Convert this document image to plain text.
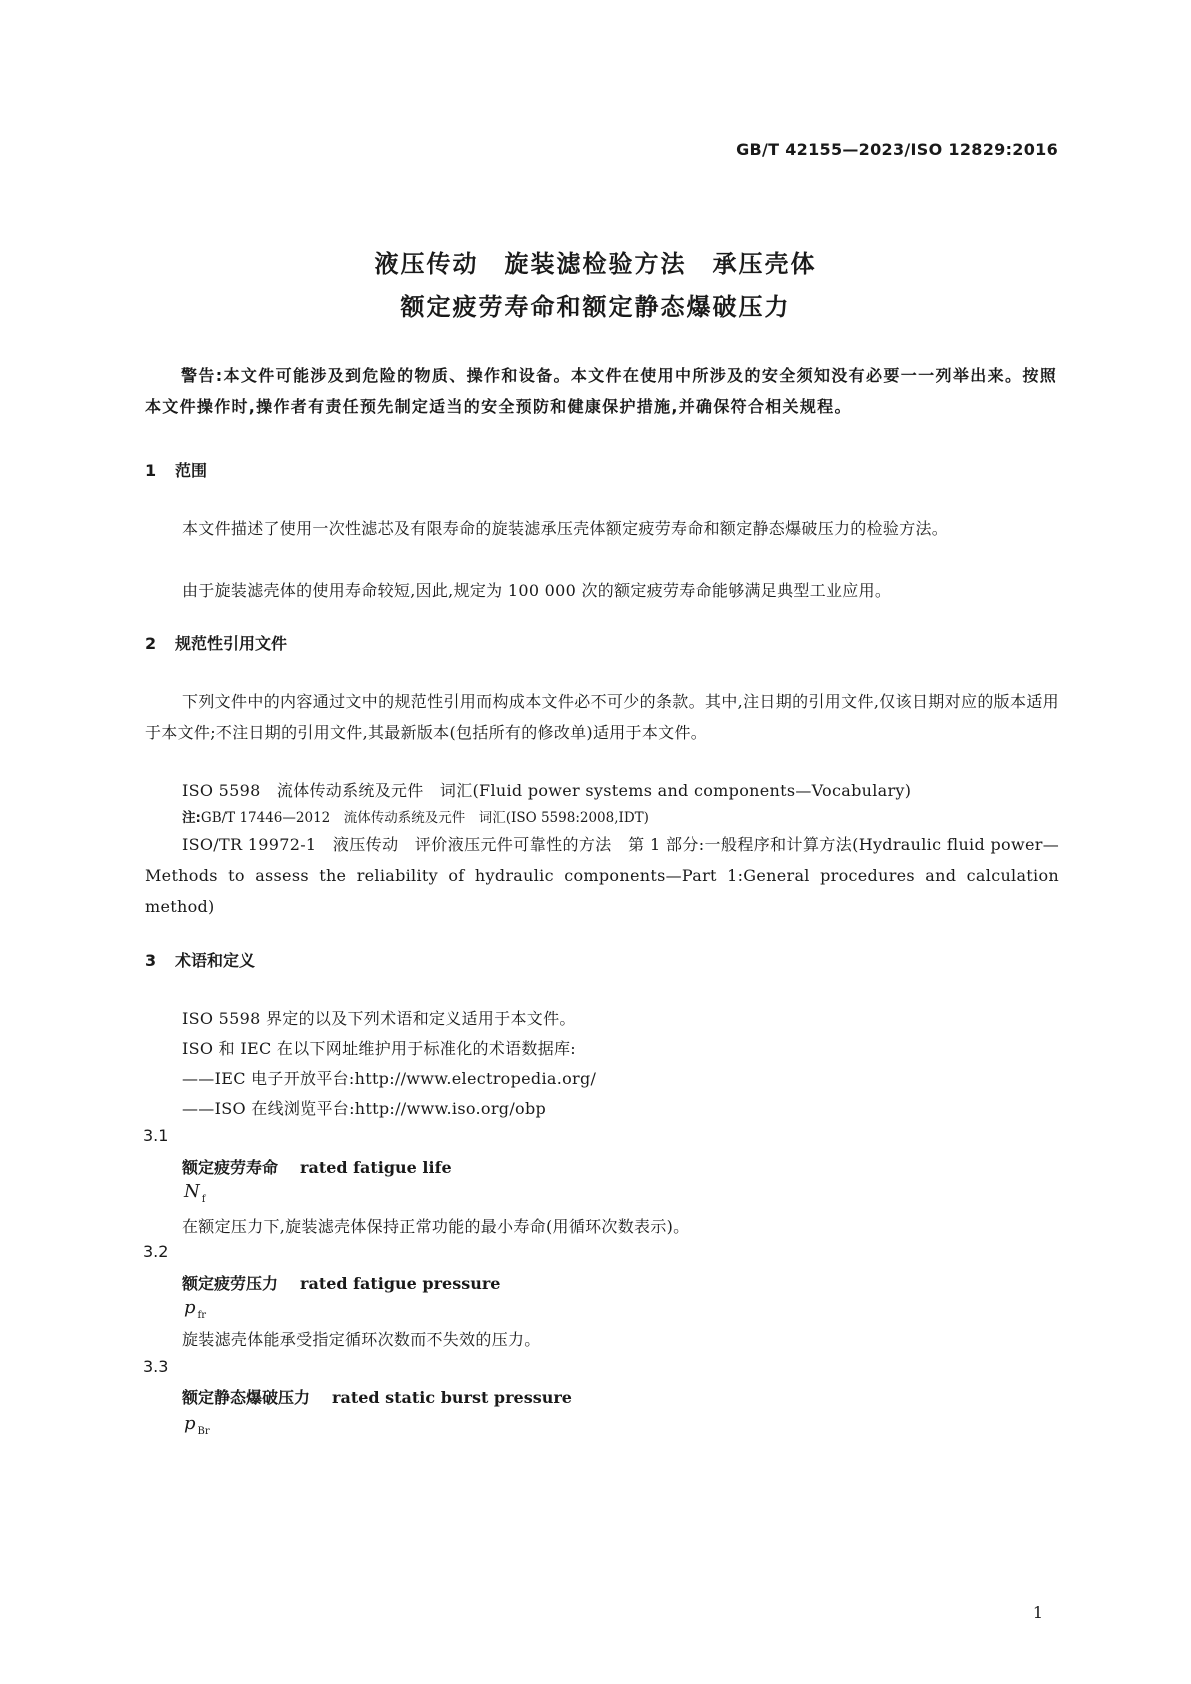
GB/T 42155—2023/ISO 12829:2016
液压传动　旋装滤检验方法　承压壳体
额定疲劳寿命和额定静态爆破压力
警告:本文件可能涉及到危险的物质、操作和设备。本文件在使用中所涉及的安全须知没有必要一一列举出来。按照本文件操作时,操作者有责任预先制定适当的安全预防和健康保护措施,并确保符合相关规程。
1 范围
本文件描述了使用一次性滤芯及有限寿命的旋装滤承压壳体额定疲劳寿命和额定静态爆破压力的检验方法。
由于旋装滤壳体的使用寿命较短,因此,规定为 100 000 次的额定疲劳寿命能够满足典型工业应用。
2 规范性引用文件
下列文件中的内容通过文中的规范性引用而构成本文件必不可少的条款。其中,注日期的引用文件,仅该日期对应的版本适用于本文件;不注日期的引用文件,其最新版本(包括所有的修改单)适用于本文件。
ISO 5598　流体传动系统及元件　词汇(Fluid power systems and components—Vocabulary)
注:GB/T 17446—2012　流体传动系统及元件　词汇(ISO 5598:2008,IDT)
ISO/TR 19972-1　液压传动　评价液压元件可靠性的方法　第 1 部分:一般程序和计算方法(Hydraulic fluid power—Methods to assess the reliability of hydraulic components—Part 1:General procedures and calculation method)
3 术语和定义
ISO 5598 界定的以及下列术语和定义适用于本文件。
ISO 和 IEC 在以下网址维护用于标准化的术语数据库:
——IEC 电子开放平台:http://www.electropedia.org/
——ISO 在线浏览平台:http://www.iso.org/obp
3.1
额定疲劳寿命 rated fatigue life
N $_f$
在额定压力下,旋装滤壳体保持正常功能的最小寿命(用循环次数表示)。
3.2
额定疲劳压力 rated fatigue pressure
p $_{fr}$
旋装滤壳体能承受指定循环次数而不失效的压力。
3.3
额定静态爆破压力 rated static burst pressure
p $_{Br}$
1
